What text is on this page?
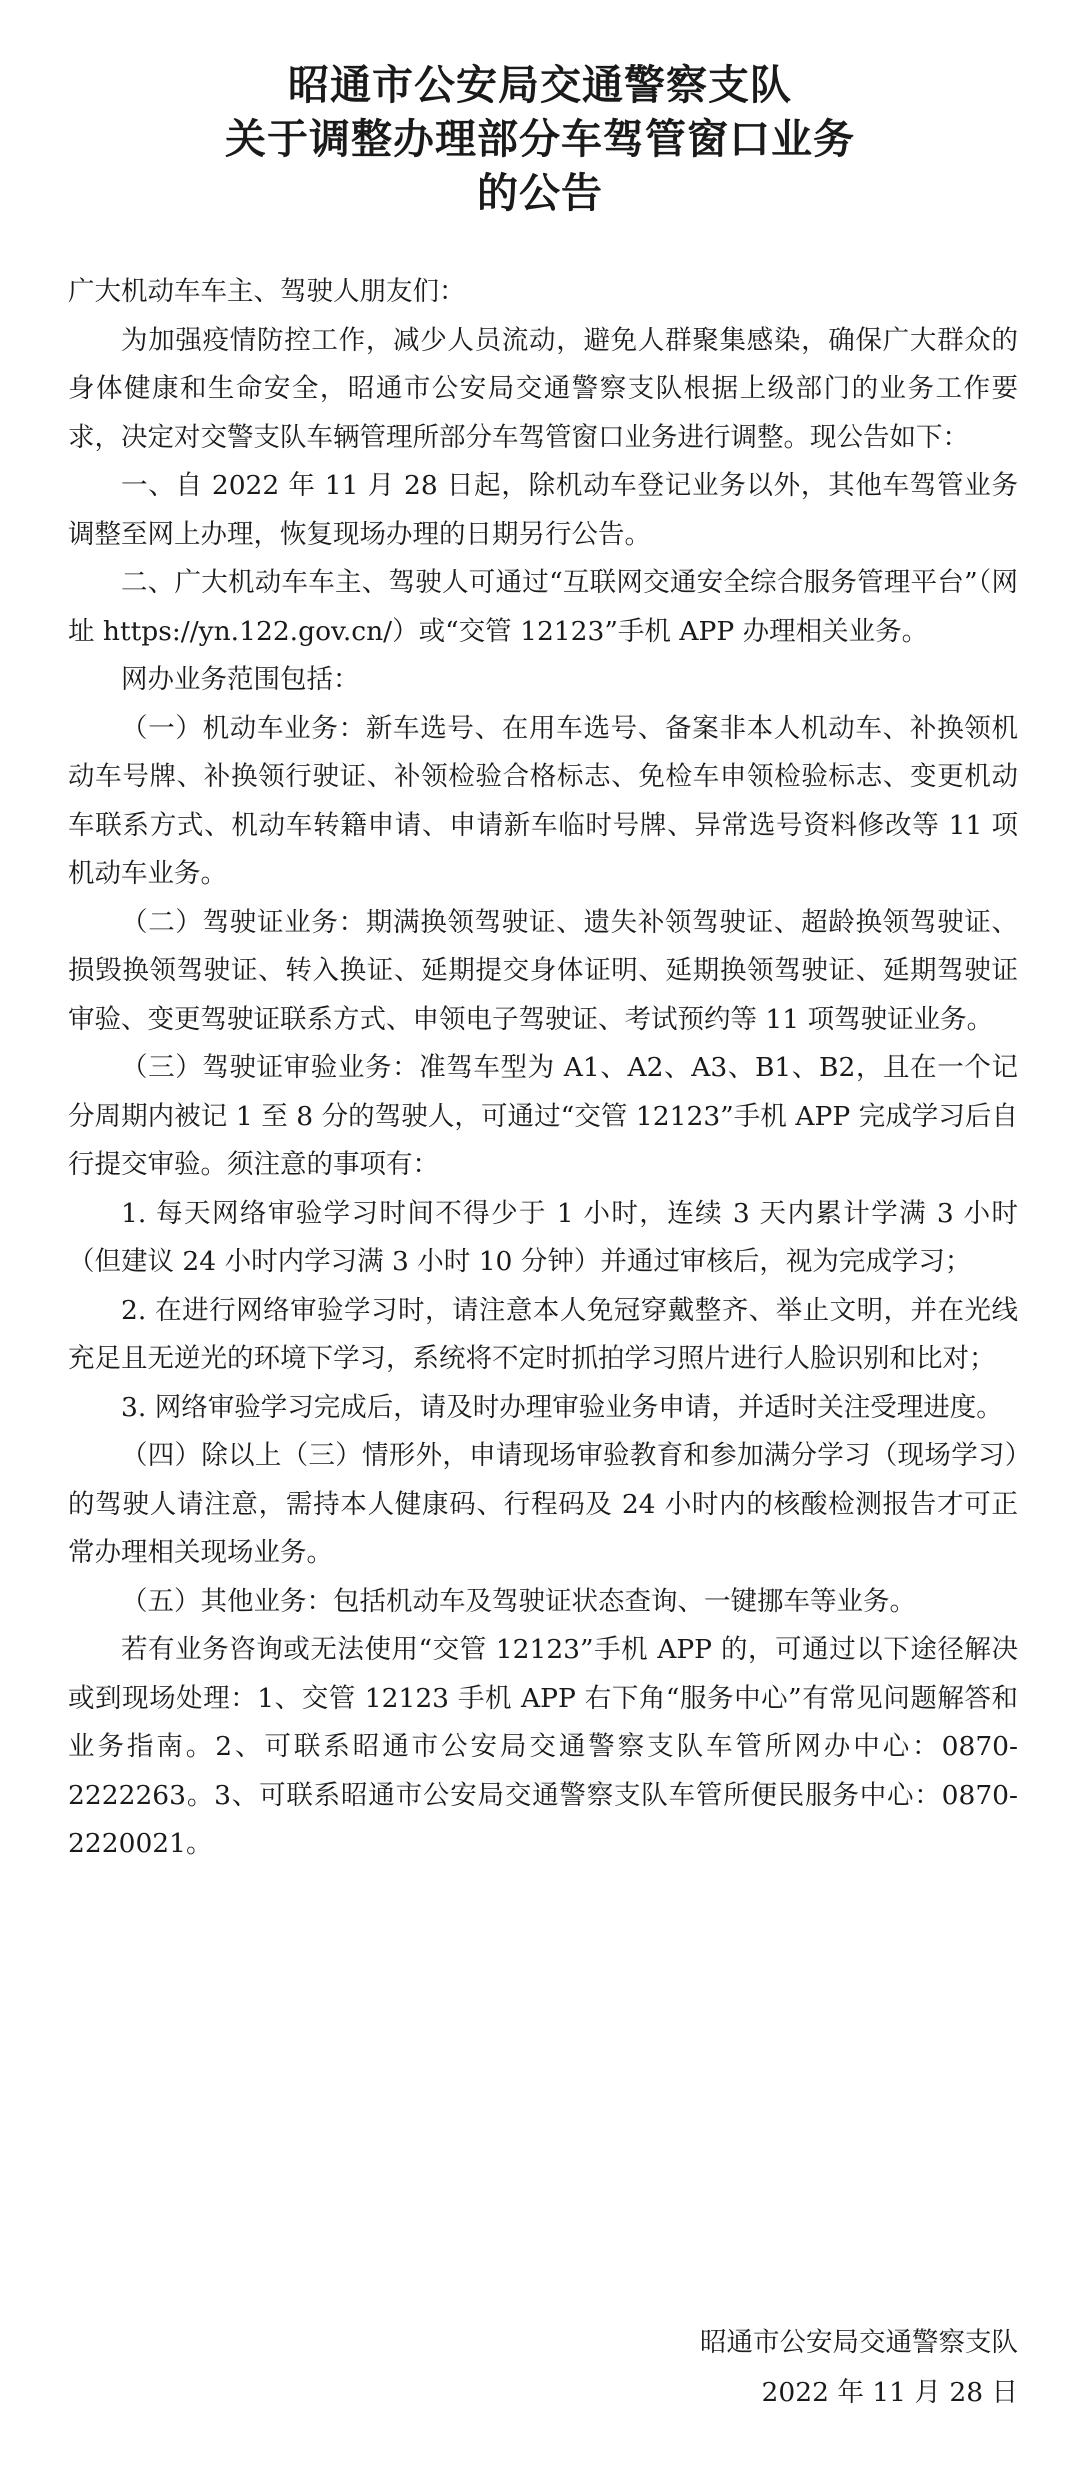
昭通市公安局交通警察支队
关于调整办理部分车驾管窗口业务
的公告

广大机动车车主、驾驶人朋友们：

为加强疫情防控工作，减少人员流动，避免人群聚集感染，确保广大群众的身体健康和生命安全，昭通市公安局交通警察支队根据上级部门的业务工作要求，决定对交警支队车辆管理所部分车驾管窗口业务进行调整。现公告如下：

一、自 2022 年 11 月 28 日起，除机动车登记业务以外，其他车驾管业务调整至网上办理，恢复现场办理的日期另行公告。

二、广大机动车车主、驾驶人可通过“互联网交通安全综合服务管理平台”（网址 https://yn.122.gov.cn/）或“交管 12123”手机 APP 办理相关业务。

网办业务范围包括：

（一）机动车业务：新车选号、在用车选号、备案非本人机动车、补换领机动车号牌、补换领行驶证、补领检验合格标志、免检车申领检验标志、变更机动车联系方式、机动车转籍申请、申请新车临时号牌、异常选号资料修改等 11 项机动车业务。

（二）驾驶证业务：期满换领驾驶证、遗失补领驾驶证、超龄换领驾驶证、损毁换领驾驶证、转入换证、延期提交身体证明、延期换领驾驶证、延期驾驶证审验、变更驾驶证联系方式、申领电子驾驶证、考试预约等 11 项驾驶证业务。

（三）驾驶证审验业务：准驾车型为 A1、A2、A3、B1、B2，且在一个记分周期内被记 1 至 8 分的驾驶人，可通过“交管 12123”手机 APP 完成学习后自行提交审验。须注意的事项有：

1. 每天网络审验学习时间不得少于 1 小时，连续 3 天内累计学满 3 小时（但建议 24 小时内学习满 3 小时 10 分钟）并通过审核后，视为完成学习；

2. 在进行网络审验学习时，请注意本人免冠穿戴整齐、举止文明，并在光线充足且无逆光的环境下学习，系统将不定时抓拍学习照片进行人脸识别和比对；

3. 网络审验学习完成后，请及时办理审验业务申请，并适时关注受理进度。

（四）除以上（三）情形外，申请现场审验教育和参加满分学习（现场学习）的驾驶人请注意，需持本人健康码、行程码及 24 小时内的核酸检测报告才可正常办理相关现场业务。

（五）其他业务：包括机动车及驾驶证状态查询、一键挪车等业务。

若有业务咨询或无法使用“交管 12123”手机 APP 的，可通过以下途径解决或到现场处理：1、交管 12123 手机 APP 右下角“服务中心”有常见问题解答和业务指南。2、可联系昭通市公安局交通警察支队车管所网办中心：0870-2222263。3、可联系昭通市公安局交通警察支队车管所便民服务中心：0870-2220021。

昭通市公安局交通警察支队
2022 年 11 月 28 日
